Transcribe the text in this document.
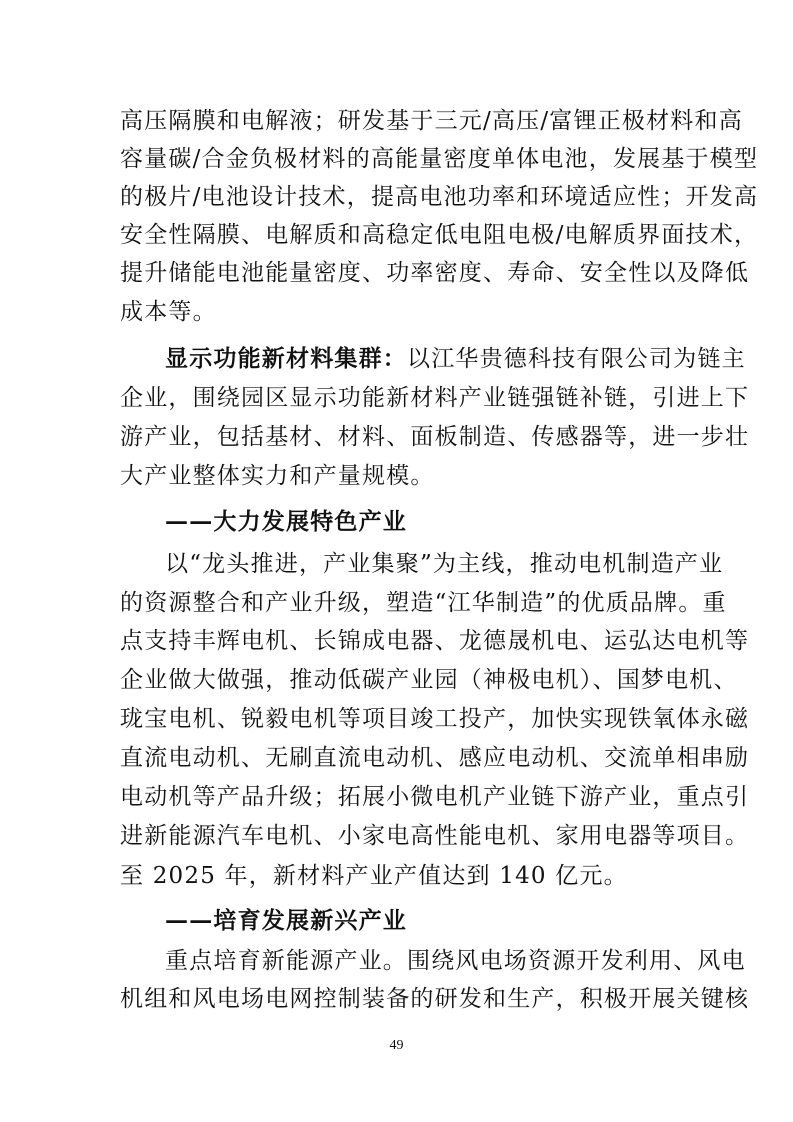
高压隔膜和电解液；研发基于三元/高压/富锂正极材料和高
容量碳/合金负极材料的高能量密度单体电池，发展基于模型
的极片/电池设计技术，提高电池功率和环境适应性；开发高
安全性隔膜、电解质和高稳定低电阻电极/电解质界面技术，
提升储能电池能量密度、功率密度、寿命、安全性以及降低
成本等。
显示功能新材料集群：以江华贵德科技有限公司为链主
企业，围绕园区显示功能新材料产业链强链补链，引进上下
游产业，包括基材、材料、面板制造、传感器等，进一步壮
大产业整体实力和产量规模。
——大力发展特色产业
以“龙头推进，产业集聚”为主线，推动电机制造产业
的资源整合和产业升级，塑造“江华制造”的优质品牌。重
点支持丰辉电机、长锦成电器、龙德晟机电、运弘达电机等
企业做大做强，推动低碳产业园（神极电机）、国梦电机、
珑宝电机、锐毅电机等项目竣工投产，加快实现铁氧体永磁
直流电动机、无刷直流电动机、感应电动机、交流单相串励
电动机等产品升级；拓展小微电机产业链下游产业，重点引
进新能源汽车电机、小家电高性能电机、家用电器等项目。
至 2025 年，新材料产业产值达到 140 亿元。
——培育发展新兴产业
重点培育新能源产业。围绕风电场资源开发利用、风电
机组和风电场电网控制装备的研发和生产，积极开展关键核
49
